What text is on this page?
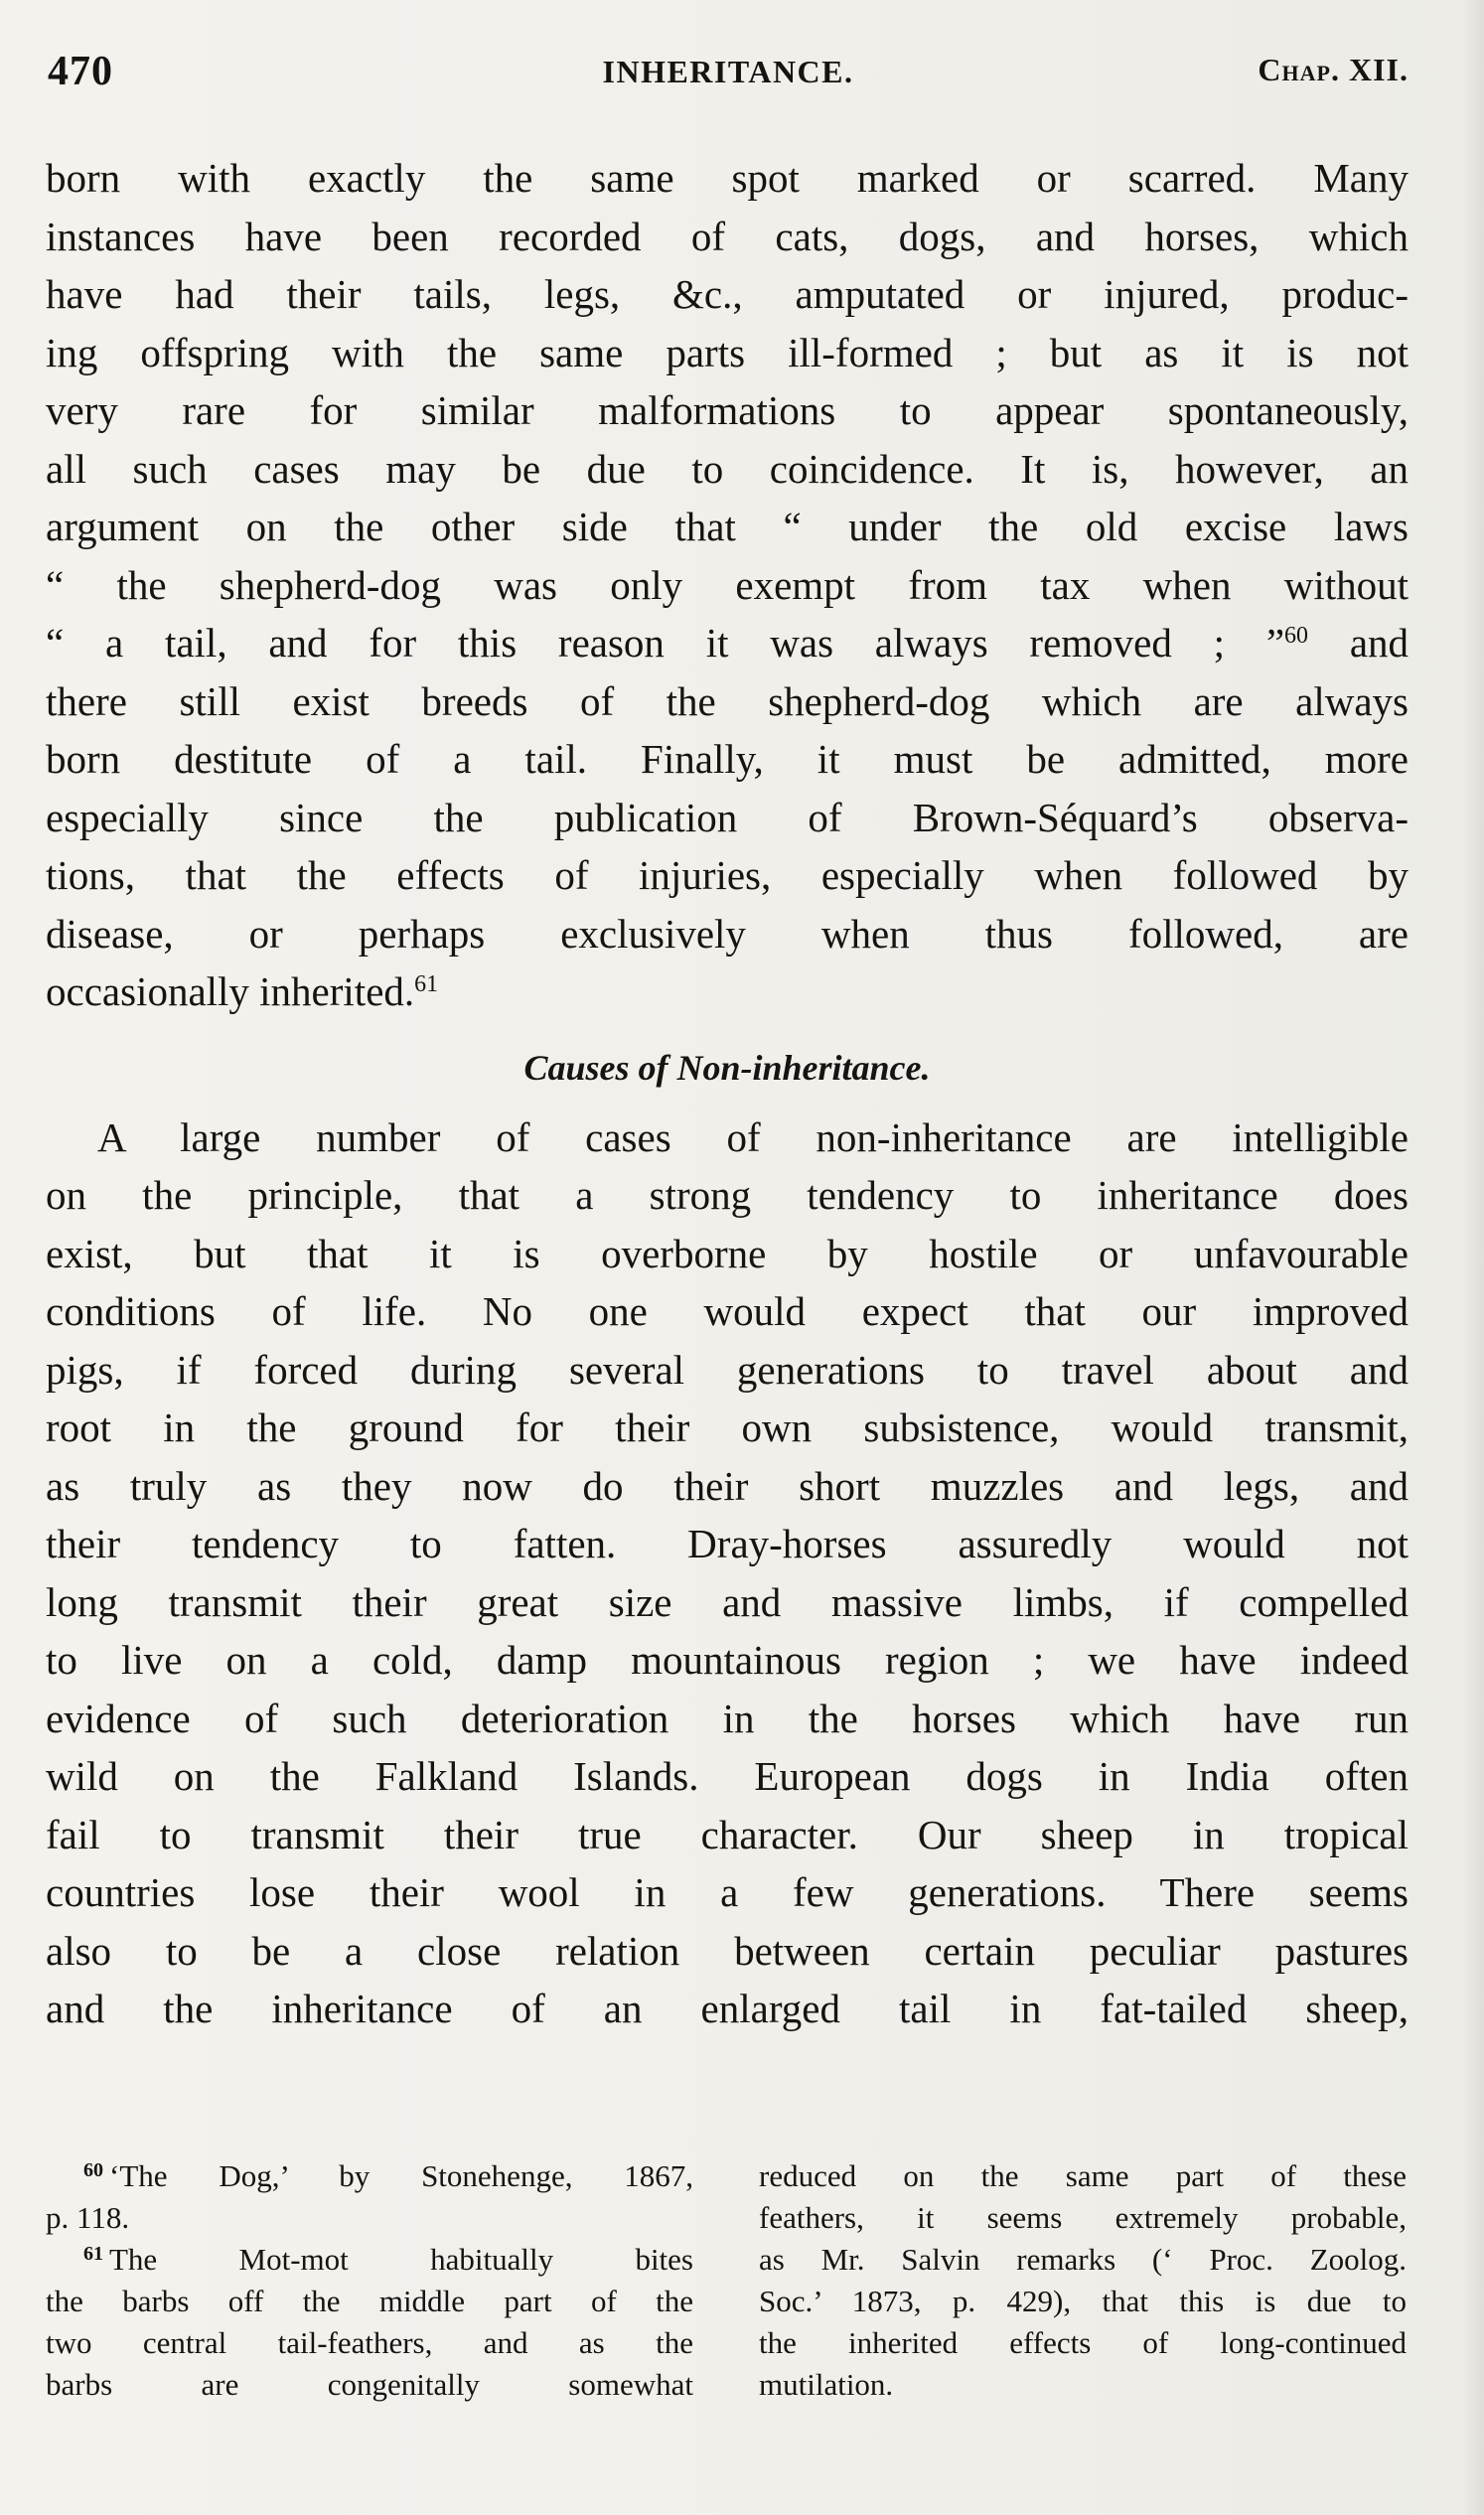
470	INHERITANCE.	Chap. XII.
born with exactly the same spot marked or scarred. Many
instances have been recorded of cats, dogs, and horses, which
have had their tails, legs, &c., amputated or injured, produc-
ing offspring with the same parts ill-formed ; but as it is not
very rare for similar malformations to appear spontaneously,
all such cases may be due to coincidence. It is, however, an
argument on the other side that “ under the old excise laws
“ the shepherd-dog was only exempt from tax when without
“ a tail, and for this reason it was always removed ; ”$^{60}$ and
there still exist breeds of the shepherd-dog which are always
born destitute of a tail. Finally, it must be admitted, more
especially since the publication of Brown-Séquard’s observa-
tions, that the effects of injuries, especially when followed by
disease, or perhaps exclusively when thus followed, are
occasionally inherited.$^{61}$
Causes of Non-inheritance.
A large number of cases of non-inheritance are intelligible
on the principle, that a strong tendency to inheritance does
exist, but that it is overborne by hostile or unfavourable
conditions of life. No one would expect that our improved
pigs, if forced during several generations to travel about and
root in the ground for their own subsistence, would transmit,
as truly as they now do their short muzzles and legs, and
their tendency to fatten. Dray-horses assuredly would not
long transmit their great size and massive limbs, if compelled
to live on a cold, damp mountainous region ; we have indeed
evidence of such deterioration in the horses which have run
wild on the Falkland Islands. European dogs in India often
fail to transmit their true character. Our sheep in tropical
countries lose their wool in a few generations. There seems
also to be a close relation between certain peculiar pastures
and the inheritance of an enlarged tail in fat-tailed sheep,
$^{60}$ ‘The Dog,’ by Stonehenge, 1867,
p. 118.
$^{61}$ The Mot-mot habitually bites
the barbs off the middle part of the
two central tail-feathers, and as the
barbs are congenitally somewhat
reduced on the same part of these
feathers, it seems extremely probable,
as Mr. Salvin remarks (‘ Proc. Zoolog.
Soc.’ 1873, p. 429), that this is due to
the inherited effects of long-continued
mutilation.
